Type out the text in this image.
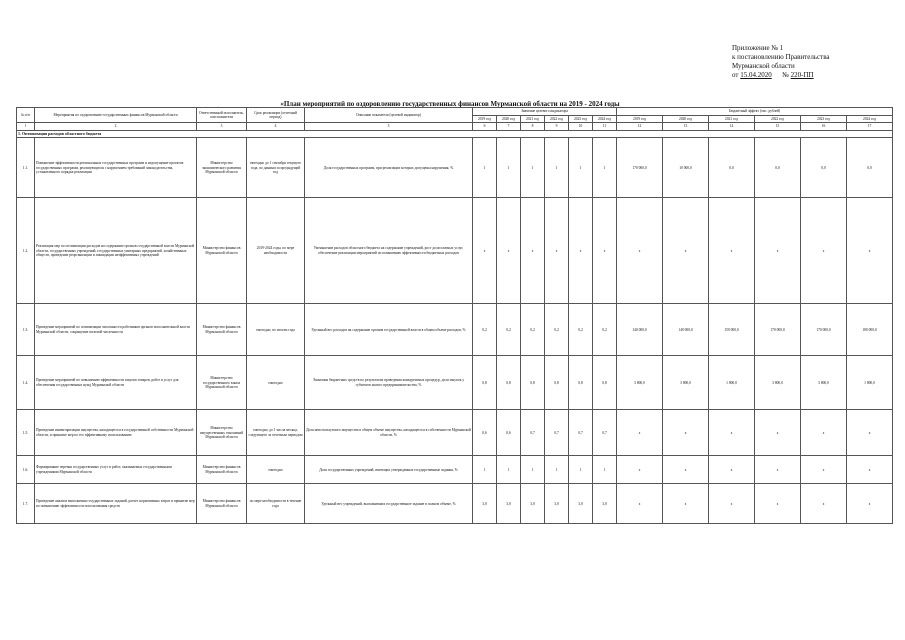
Приложение № 1
к постановлению Правительства
Мурманской области
от 15.04.2020 № 220-ПП
«План мероприятий по оздоровлению государственных финансов Мурманской области на 2019 - 2024 годы
№ п/п	Мероприятия по оздоровлению государственных финансов Мурманской области	Ответственный исполнитель, соисполнители	Срок реализации (отчетный период)	Описание показателя (целевой индикатор)	Значение целевого индикатора						Бюджетный эффект (тыс. рублей)					
					2019 год	2020 год	2021 год	2022 год	2023 год	2024 год	2019 год	2020 год	2021 год	2022 год	2023 год	2024 год
1	2	3	4	5	6	7	8	9	10	11	12	13	14	15	16	17
1. Оптимизация расходов областного бюджета																
1.1.	Повышение эффективности региональных государственных программ и недопущение проектов государственных программ, реализующихся с нарушением требований законодательства, установленного порядка реализации	Министерство экономического развития Мурманской области	ежегодно до 1 сентября текущего года, по данным за предыдущий год	Доля государственных программ, при реализации которых допущены нарушения, %	1	1	1	1	1	1	170 000,0	10 000,0	0,0	0,0	0,0	0,0
1.2.	Реализация мер по оптимизации расходов на содержание органов государственной власти Мурманской области, государственных учреждений, государственных унитарных предприятий, хозяйственных обществ, проведение реорганизации и ликвидации неэффективных учреждений	Министерство финансов Мурманской области	2019-2024 годы, по мере необходимости	Уменьшение расходов областного бюджета на содержание учреждений, рост доли платных услуг, обеспечение реализации мероприятий по повышению эффективности бюджетных расходов	х	х	х	х	х	х	х	х	х	х	х	х
1.3.	Проведение мероприятий по оптимизации численности работников органов исполнительной власти Мурманской области, сокращение штатной численности	Министерство финансов Мурманской области	ежегодно, по итогам года	Удельный вес расходов на содержание органов государственной власти в общем объеме расходов, %	0,2	0,2	0,2	0,2	0,2	0,2	140 000,0	140 000,0	150 000,0	170 000,0	170 000,0	180 000,0
1.4.	Проведение мероприятий по повышению эффективности закупок товаров, работ и услуг для обеспечения государственных нужд Мурманской области	Министерство государственного заказа Мурманской области	ежегодно	Экономия бюджетных средств по результатам проведения конкурентных процедур, доля закупок у субъектов малого предпринимательства, %	0,8	0,8	0,8	0,8	0,8	0,8	3 800,0	3 800,0	1 800,0	3 800,0	3 800,0	1 800,0
1.5.	Проведение инвентаризации имущества, находящегося в государственной собственности Мурманской области, и принятие мер по его эффективному использованию	Министерство имущественных отношений Мурманской области	ежегодно, до 1 числа месяца, следующего за отчетным периодом	Доля неиспользуемого имущества в общем объеме имущества, находящегося в собственности Мурманской области, %	0,6	0,6	0,7	0,7	0,7	0,7	х	х	х	х	х	х
1.6.	Формирование перечня государственных услуг и работ, оказываемых государственными учреждениями Мурманской области	Министерство финансов Мурманской области	ежегодно	Доля государственных учреждений, имеющих утвержденные государственные задания, %	1	1	1	1	1	1	х	х	х	х	х	х
1.7.	Проведение анализа выполнения государственных заданий, расчет нормативных затрат и принятие мер по повышению эффективности использования средств	Министерство финансов Мурманской области	по мере необходимости в течение года	Удельный вес учреждений, выполнивших государственное задание в полном объеме, %	3,0	3,0	3,0	3,0	3,0	3,0	х	х	х	х	х	х
